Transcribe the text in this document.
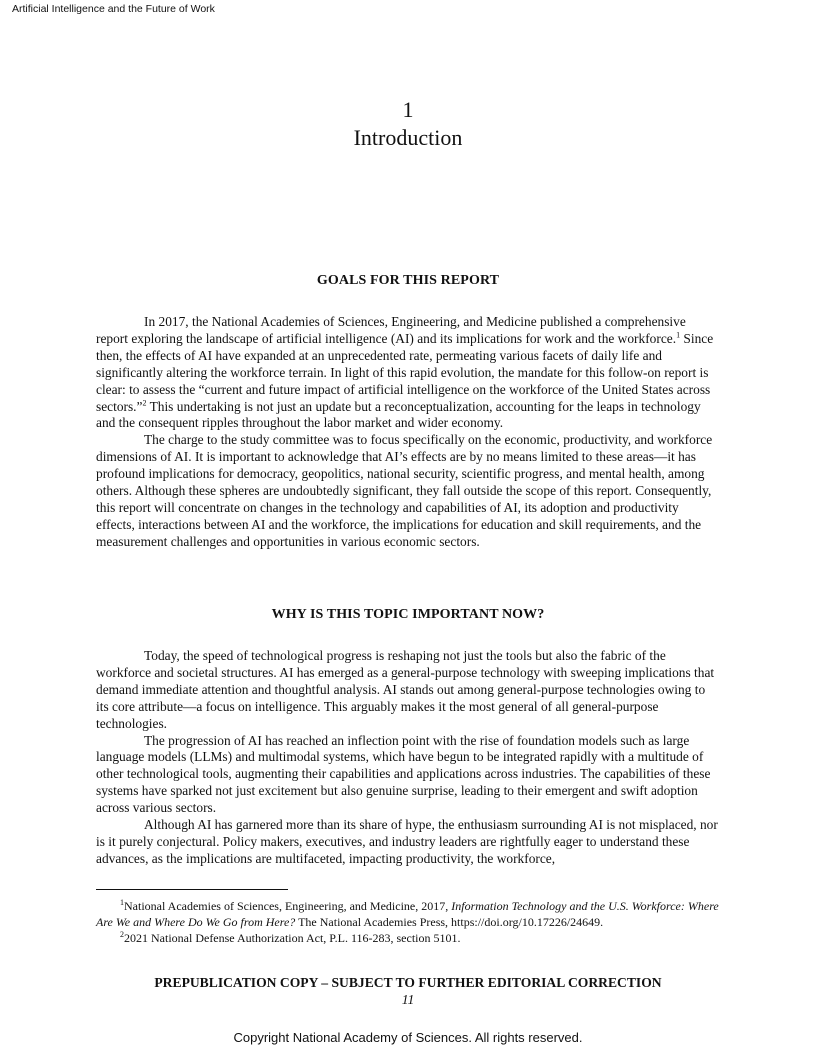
Artificial Intelligence and the Future of Work
1
Introduction
GOALS FOR THIS REPORT

In 2017, the National Academies of Sciences, Engineering, and Medicine published a comprehensive report exploring the landscape of artificial intelligence (AI) and its implications for work and the workforce.$^1$ Since then, the effects of AI have expanded at an unprecedented rate, permeating various facets of daily life and significantly altering the workforce terrain. In light of this rapid evolution, the mandate for this follow-on report is clear: to assess the “current and future impact of artificial intelligence on the workforce of the United States across sectors.”$^2$ This undertaking is not just an update but a reconceptualization, accounting for the leaps in technology and the consequent ripples throughout the labor market and wider economy.

The charge to the study committee was to focus specifically on the economic, productivity, and workforce dimensions of AI. It is important to acknowledge that AI’s effects are by no means limited to these areas—it has profound implications for democracy, geopolitics, national security, scientific progress, and mental health, among others. Although these spheres are undoubtedly significant, they fall outside the scope of this report. Consequently, this report will concentrate on changes in the technology and capabilities of AI, its adoption and productivity effects, interactions between AI and the workforce, the implications for education and skill requirements, and the measurement challenges and opportunities in various economic sectors.

WHY IS THIS TOPIC IMPORTANT NOW?

Today, the speed of technological progress is reshaping not just the tools but also the fabric of the workforce and societal structures. AI has emerged as a general-purpose technology with sweeping implications that demand immediate attention and thoughtful analysis. AI stands out among general-purpose technologies owing to its core attribute—a focus on intelligence. This arguably makes it the most general of all general-purpose technologies.

The progression of AI has reached an inflection point with the rise of foundation models such as large language models (LLMs) and multimodal systems, which have begun to be integrated rapidly with a multitude of other technological tools, augmenting their capabilities and applications across industries. The capabilities of these systems have sparked not just excitement but also genuine surprise, leading to their emergent and swift adoption across various sectors.

Although AI has garnered more than its share of hype, the enthusiasm surrounding AI is not misplaced, nor is it purely conjectural. Policy makers, executives, and industry leaders are rightfully eager to understand these advances, as the implications are multifaceted, impacting productivity, the workforce,

$^1$National Academies of Sciences, Engineering, and Medicine, 2017, Information Technology and the U.S. Workforce: Where Are We and Where Do We Go from Here? The National Academies Press, https://doi.org/10.17226/24649.

$^2$2021 National Defense Authorization Act, P.L. 116-283, section 5101.

PREPUBLICATION COPY – SUBJECT TO FURTHER EDITORIAL CORRECTION
11
Copyright National Academy of Sciences. All rights reserved.
